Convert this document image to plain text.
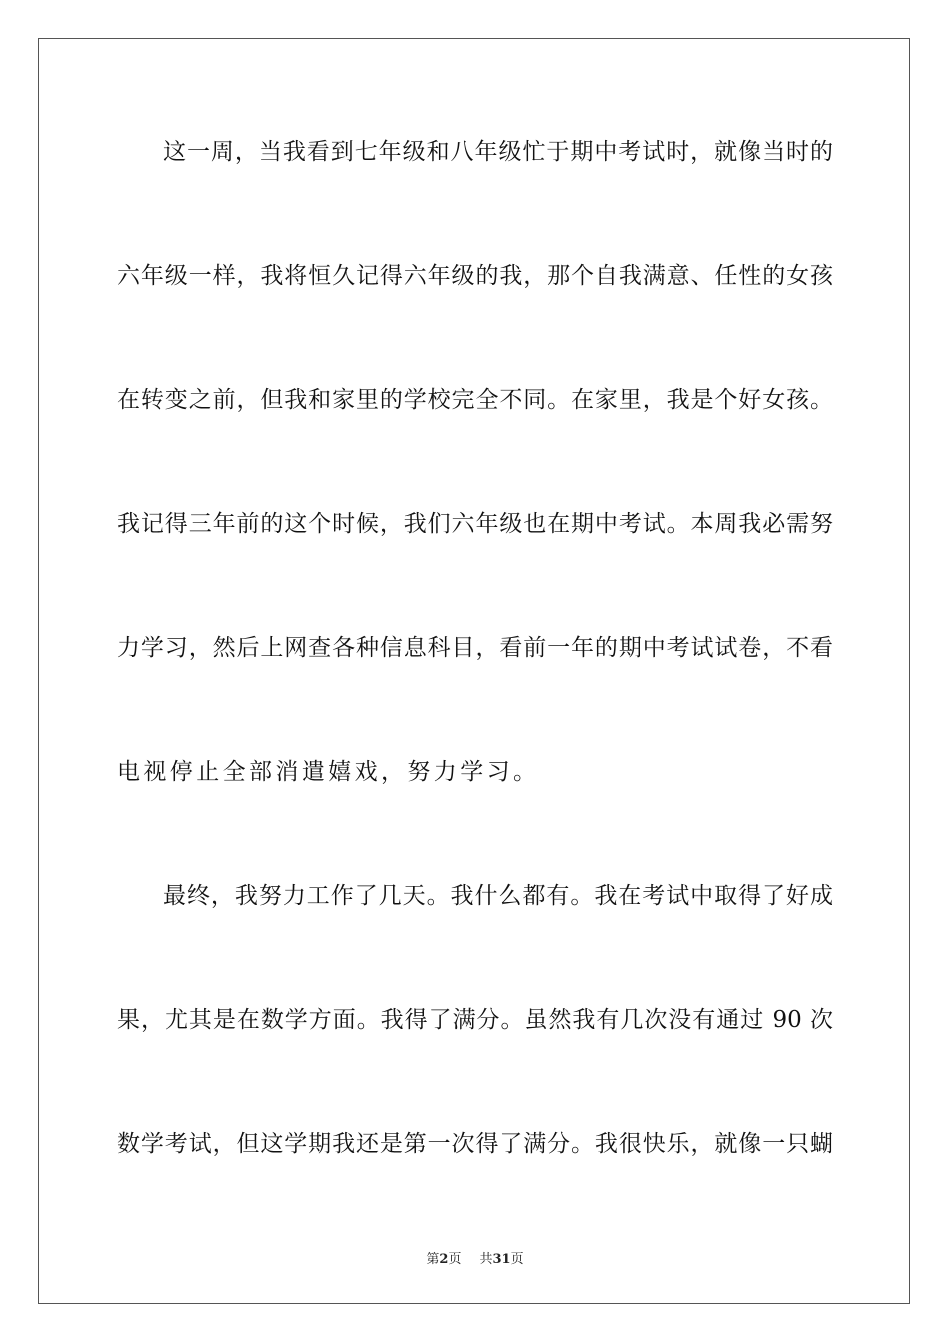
这一周，当我看到七年级和八年级忙于期中考试时，就像当时的
六年级一样，我将恒久记得六年级的我，那个自我满意、任性的女孩
在转变之前，但我和家里的学校完全不同。在家里，我是个好女孩。
我记得三年前的这个时候，我们六年级也在期中考试。本周我必需努
力学习，然后上网查各种信息科目，看前一年的期中考试试卷，不看
电视停止全部消遣嬉戏，努力学习。
最终，我努力工作了几天。我什么都有。我在考试中取得了好成
果，尤其是在数学方面。我得了满分。虽然我有几次没有通过 90 次
数学考试，但这学期我还是第一次得了满分。我很快乐，就像一只蝴
第2页 共31页
